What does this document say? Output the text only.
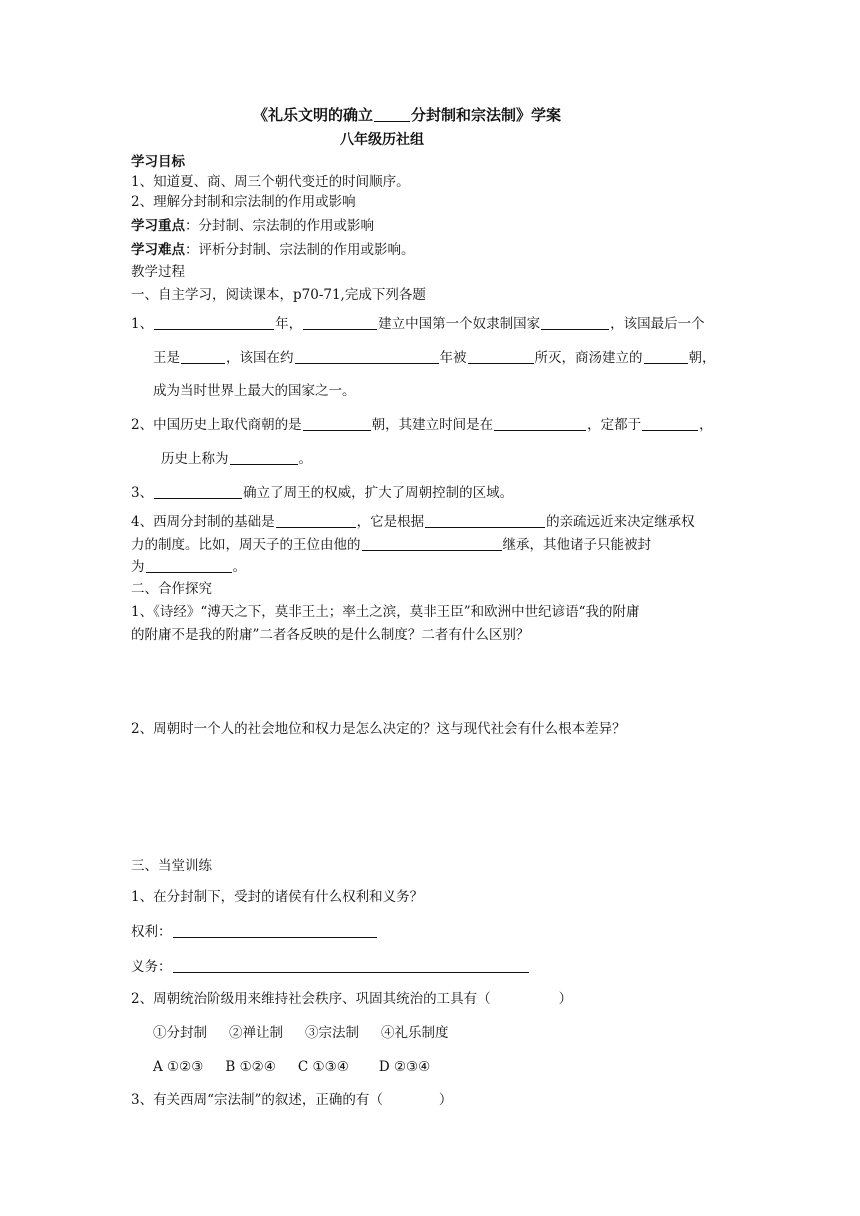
《礼乐文明的确立	分封制和宗法制》学案
八年级历社组
学习目标
1、知道夏、商、周三个朝代变迁的时间顺序。
2、理解分封制和宗法制的作用或影响
学习重点：分封制、宗法制的作用或影响
学习难点：评析分封制、宗法制的作用或影响。
教学过程
一、自主学习，阅读课本，p70-71,完成下列各题
1、	年，	建立中国第一个奴隶制国家	，该国最后一个
王是	，该国在约	年被	所灭，商汤建立的	朝，
成为当时世界上最大的国家之一。
2、中国历史上取代商朝的是	朝，其建立时间是在	，定都于	，
历史上称为	。
3、	确立了周王的权威，扩大了周朝控制的区域。
4、西周分封制的基础是	，它是根据	的亲疏远近来决定继承权
力的制度。比如，周天子的王位由他的	继承，其他诸子只能被封
为	。
二、合作探究
1、《诗经》“溥天之下，莫非王土；率土之滨，莫非王臣”和欧洲中世纪谚语“我的附庸
的附庸不是我的附庸”二者各反映的是什么制度？二者有什么区别？
2、周朝时一个人的社会地位和权力是怎么决定的？这与现代社会有什么根本差异？
三、当堂训练
1、在分封制下，受封的诸侯有什么权利和义务？
权利：
义务：
2、周朝统治阶级用来维持社会秩序、巩固其统治的工具有（	）
①分封制 ②禅让制 ③宗法制 ④礼乐制度
A ①②③ B ①②④ C ①③④ D ②③④
3、有关西周“宗法制”的叙述，正确的有（	）
